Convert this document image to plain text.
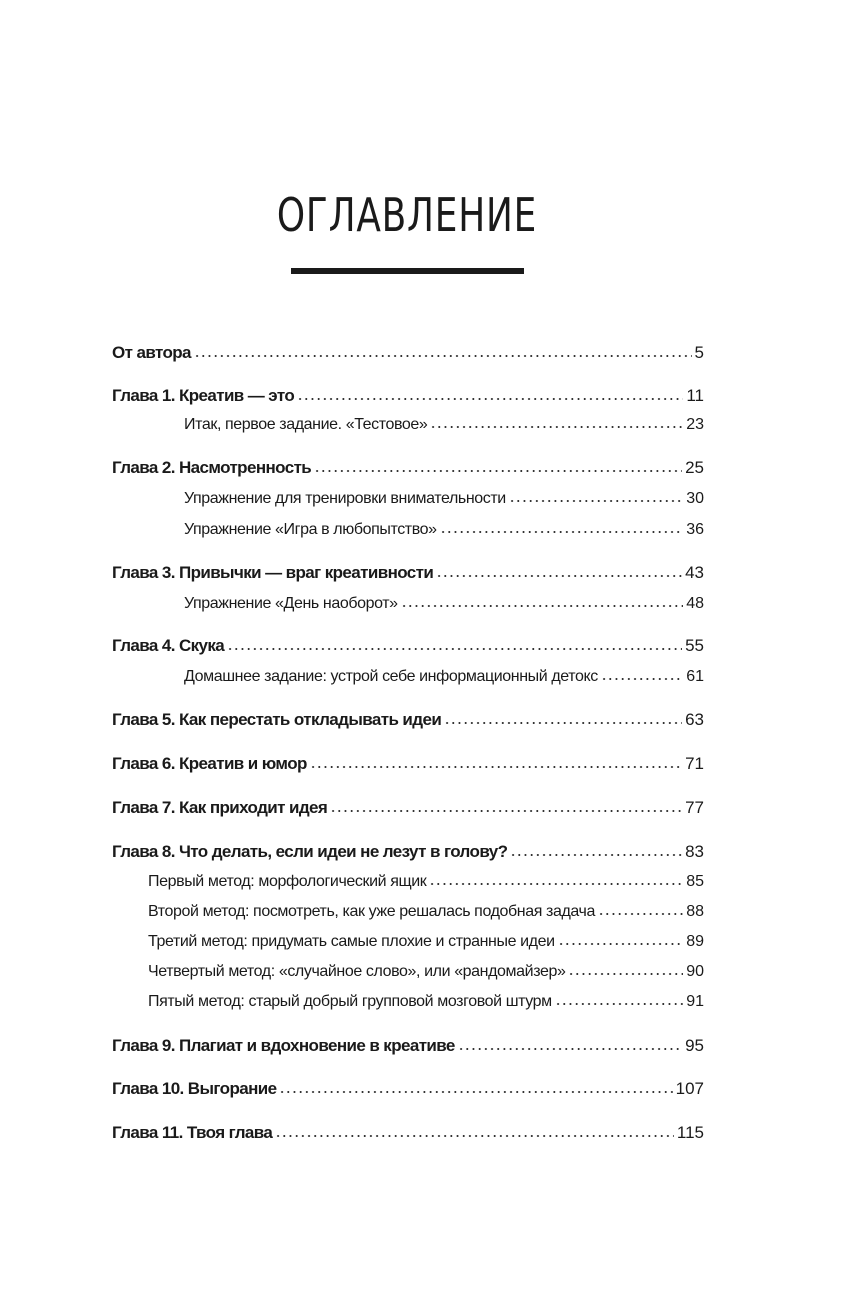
ОГЛАВЛЕНИЕ
От автора	5
Глава 1. Креатив — это	11
Итак, первое задание. «Тестовое»	23
Глава 2. Насмотренность	25
Упражнение для тренировки внимательности	30
Упражнение «Игра в любопытство»	36
Глава 3. Привычки — враг креативности	43
Упражнение «День наоборот»	48
Глава 4. Скука	55
Домашнее задание: устрой себе информационный детокс	61
Глава 5. Как перестать откладывать идеи	63
Глава 6. Креатив и юмор	71
Глава 7. Как приходит идея	77
Глава 8. Что делать, если идеи не лезут в голову?	83
Первый метод: морфологический ящик	85
Второй метод: посмотреть, как уже решалась подобная задача	88
Третий метод: придумать самые плохие и странные идеи	89
Четвертый метод: «случайное слово», или «рандомайзер»	90
Пятый метод: старый добрый групповой мозговой штурм	91
Глава 9. Плагиат и вдохновение в креативе	95
Глава 10. Выгорание	107
Глава 11. Твоя глава	115
